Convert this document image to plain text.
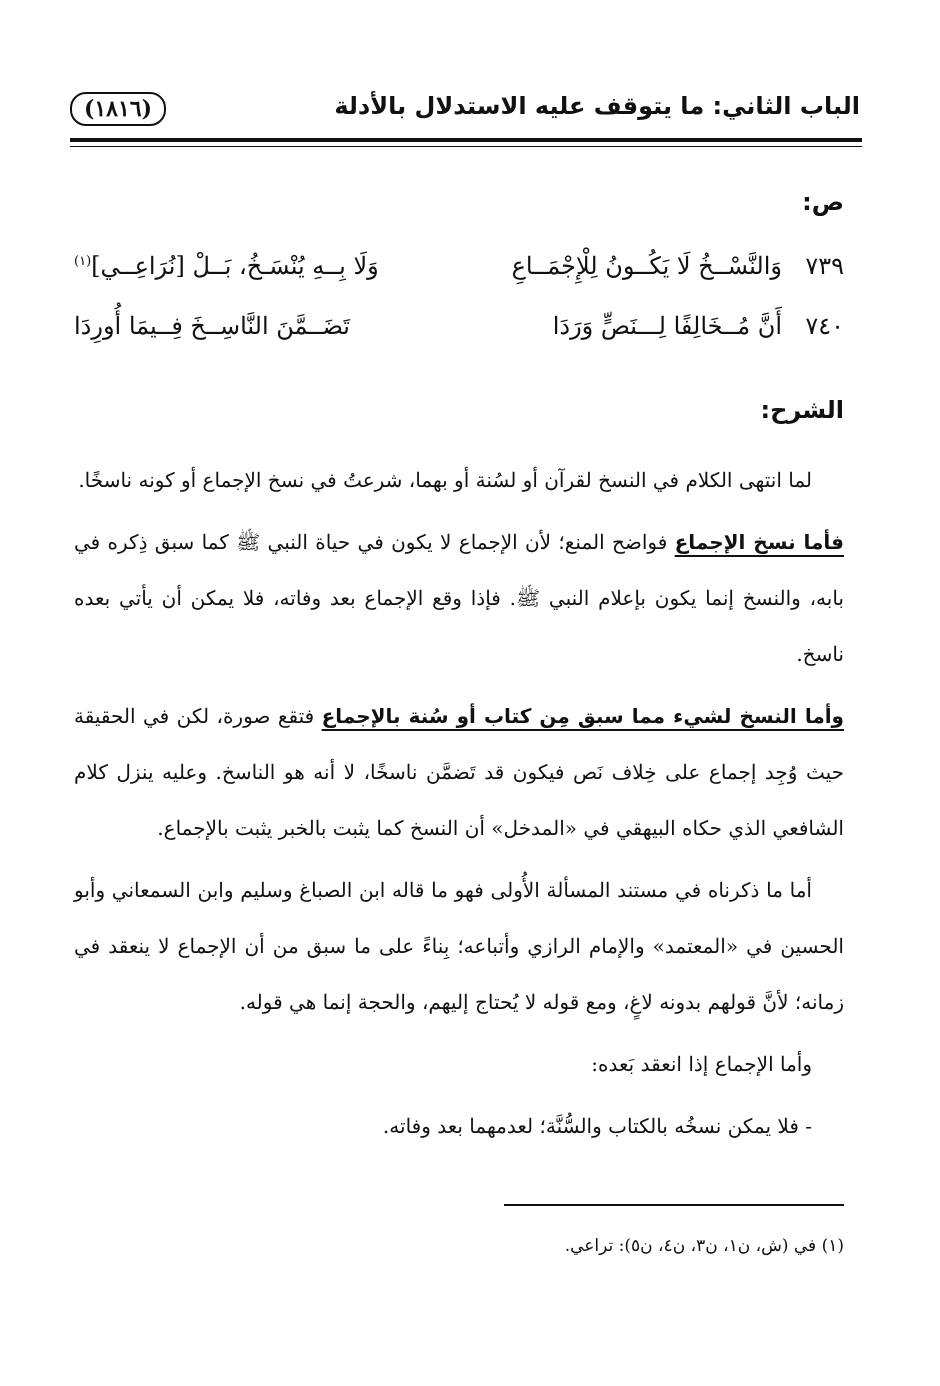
(١٨١٦)	الباب الثاني: ما يتوقف عليه الاستدلال بالأدلة
ص:
٧٣٩
وَالنَّسْــخُ لَا يَكُــونُ لِلْإِجْمَــاعِ
وَلَا بِــهِ يُنْسَـخُ، بَــلْ [نُرَاعِــي]$^{(١)}$
٧٤٠
أَنَّ مُــخَالِفًا لِـــنَصٍّ وَرَدَا
تَضَــمَّنَ النَّاسِــخَ فِــيمَا أُورِدَا
الشرح:

لما انتهى الكلام في النسخ لقرآن أو لسُنة أو بهما، شرعتُ في نسخ الإجماع أو كونه ناسخًا.

فأما نسخ الإجماع فواضح المنع؛ لأن الإجماع لا يكون في حياة النبي ﷺ كما سبق ذِكره في بابه، والنسخ إنما يكون بإعلام النبي ﷺ. فإذا وقع الإجماع بعد وفاته، فلا يمكن أن يأتي بعده ناسخ.

وأما النسخ لشيء مما سبق مِن كتاب أو سُنة بالإجماع فتقع صورة، لكن في الحقيقة حيث وُجِد إجماع على خِلاف نَص فيكون قد تَضمَّن ناسخًا، لا أنه هو الناسخ. وعليه ينزل كلام الشافعي الذي حكاه البيهقي في «المدخل» أن النسخ كما يثبت بالخبر يثبت بالإجماع.

أما ما ذكرناه في مستند المسألة الأُولى فهو ما قاله ابن الصباغ وسليم وابن السمعاني وأبو الحسين في «المعتمد» والإمام الرازي وأتباعه؛ بِناءً على ما سبق من أن الإجماع لا ينعقد في زمانه؛ لأنَّ قولهم بدونه لاغٍ، ومع قوله لا يُحتاج إليهم، والحجة إنما هي قوله.

وأما الإجماع إذا انعقد بَعده:

- فلا يمكن نسخُه بالكتاب والسُّنَّة؛ لعدمهما بعد وفاته.

(١) في (ش، ن١، ن٣، ن٤، ن٥): تراعي.
